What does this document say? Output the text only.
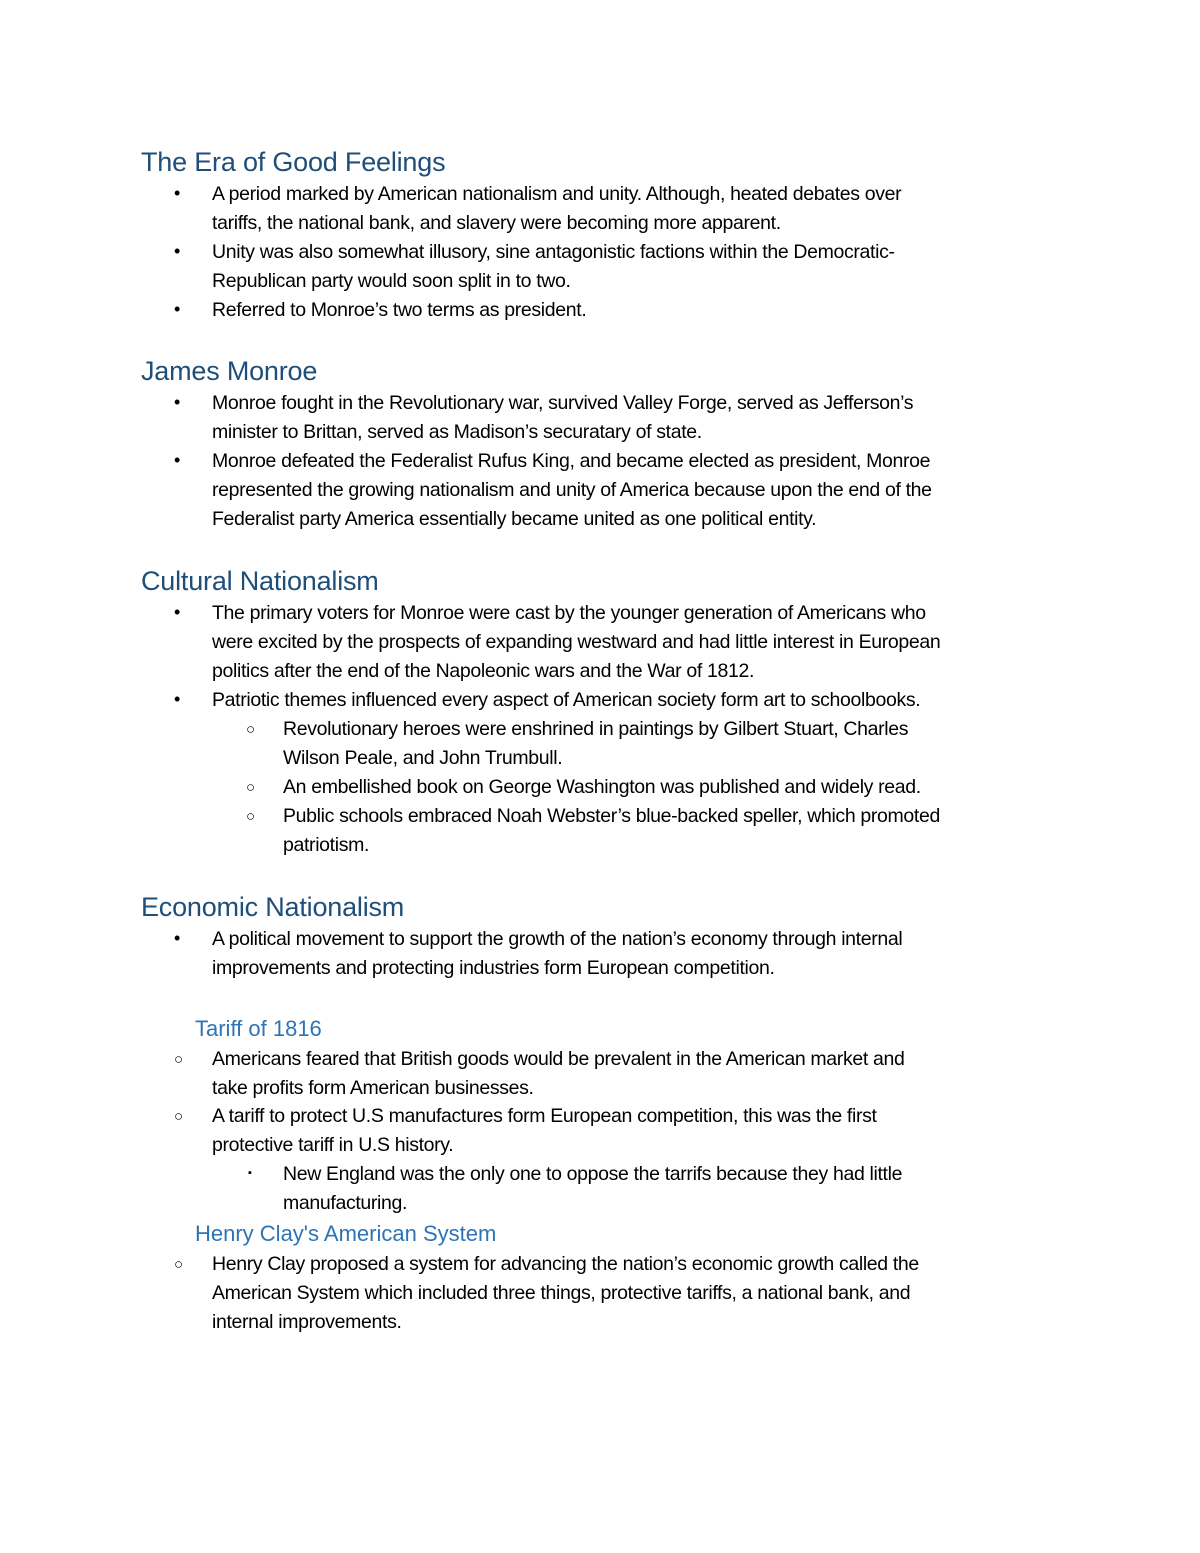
The Era of Good Feelings
• A period marked by American nationalism and unity. Although, heated debates over
tariffs, the national bank, and slavery were becoming more apparent.
• Unity was also somewhat illusory, sine antagonistic factions within the Democratic-
Republican party would soon split in to two.
• Referred to Monroe’s two terms as president.
James Monroe
• Monroe fought in the Revolutionary war, survived Valley Forge, served as Jefferson’s
minister to Brittan, served as Madison’s securatary of state.
• Monroe defeated the Federalist Rufus King, and became elected as president, Monroe
represented the growing nationalism and unity of America because upon the end of the
Federalist party America essentially became united as one political entity.
Cultural Nationalism
• The primary voters for Monroe were cast by the younger generation of Americans who
were excited by the prospects of expanding westward and had little interest in European
politics after the end of the Napoleonic wars and the War of 1812.
• Patriotic themes influenced every aspect of American society form art to schoolbooks.
○ Revolutionary heroes were enshrined in paintings by Gilbert Stuart, Charles
Wilson Peale, and John Trumbull.
○ An embellished book on George Washington was published and widely read.
○ Public schools embraced Noah Webster’s blue-backed speller, which promoted
patriotism.
Economic Nationalism
• A political movement to support the growth of the nation’s economy through internal
improvements and protecting industries form European competition.
Tariff of 1816
○ Americans feared that British goods would be prevalent in the American market and
take profits form American businesses.
○ A tariff to protect U.S manufactures form European competition, this was the first
protective tariff in U.S history.
▪ New England was the only one to oppose the tarrifs because they had little
manufacturing.
Henry Clay's American System
○ Henry Clay proposed a system for advancing the nation’s economic growth called the
American System which included three things, protective tariffs, a national bank, and
internal improvements.
